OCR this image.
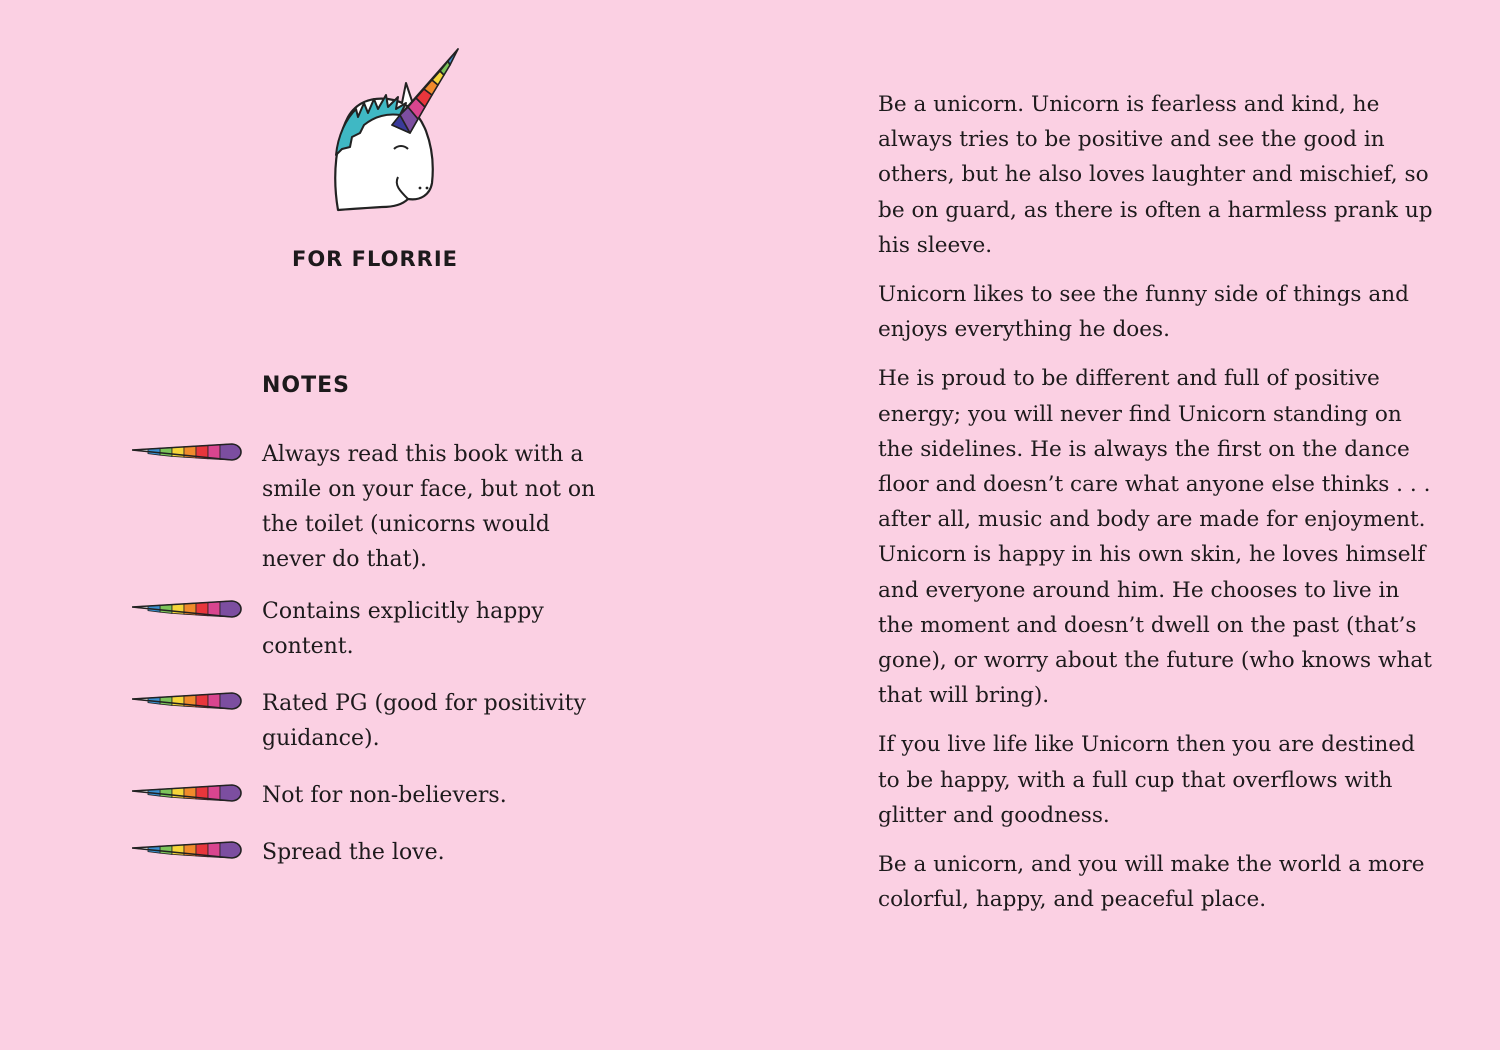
FOR FLORRIE
NOTES
Always read this book with a smile on your face, but not on the toilet (unicorns would never do that).
Contains explicitly happy content.
Rated PG (good for positivity guidance).
Not for non-believers.
Spread the love.

Be a unicorn. Unicorn is fearless and kind, he always tries to be positive and see the good in others, but he also loves laughter and mischief, so be on guard, as there is often a harmless prank up his sleeve.

Unicorn likes to see the funny side of things and enjoys everything he does.

He is proud to be different and full of positive energy; you will never find Unicorn standing on the sidelines. He is always the first on the dance floor and doesn’t care what anyone else thinks . . . after all, music and body are made for enjoyment. Unicorn is happy in his own skin, he loves himself and everyone around him. He chooses to live in the moment and doesn’t dwell on the past (that’s gone), or worry about the future (who knows what that will bring).

If you live life like Unicorn then you are destined to be happy, with a full cup that overflows with glitter and goodness.

Be a unicorn, and you will make the world a more colorful, happy, and peaceful place.
